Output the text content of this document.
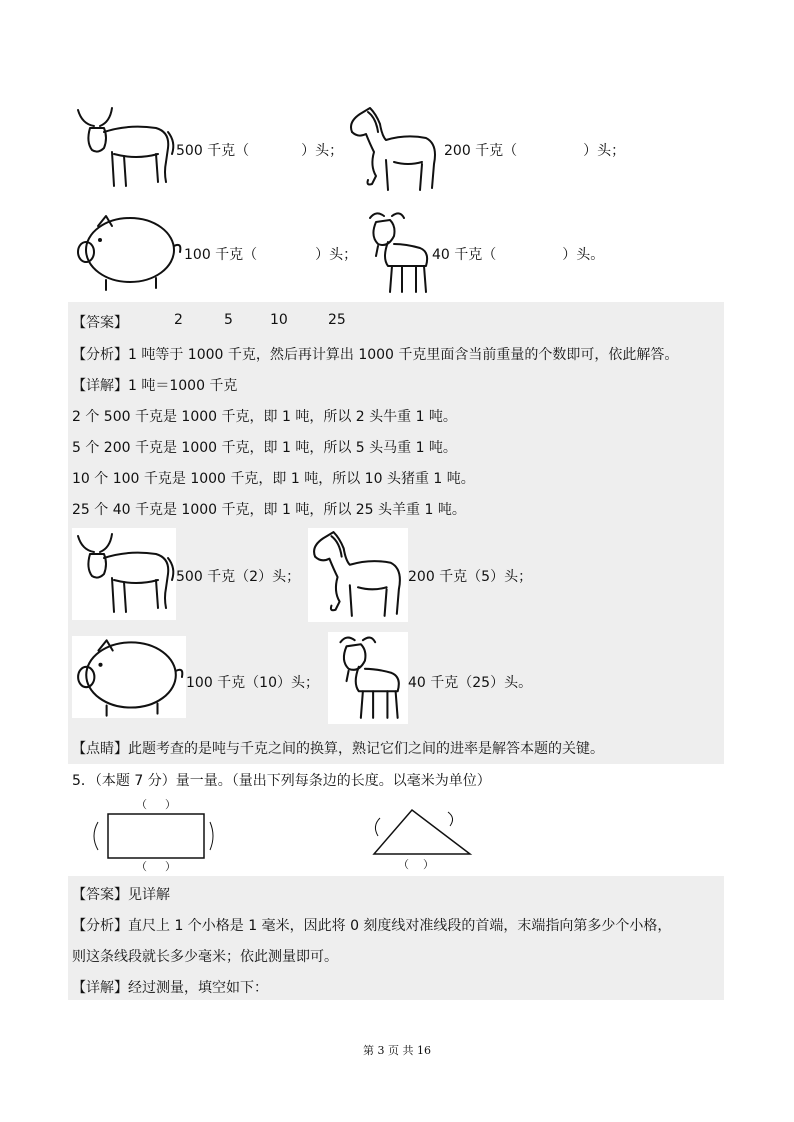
500 千克（	）头；	200 千克（	）头；
100 千克（	）头；	40 千克（	）头。
【答案】	2	5	10	25
【分析】1 吨等于 1000 千克，然后再计算出 1000 千克里面含当前重量的个数即可，依此解答。
【详解】1 吨＝1000 千克
2 个 500 千克是 1000 千克，即 1 吨，所以 2 头牛重 1 吨。
5 个 200 千克是 1000 千克，即 1 吨，所以 5 头马重 1 吨。
10 个 100 千克是 1000 千克，即 1 吨，所以 10 头猪重 1 吨。
25 个 40 千克是 1000 千克，即 1 吨，所以 25 头羊重 1 吨。
500 千克（2）头；	200 千克（5）头；
100 千克（10）头；	40 千克（25）头。
【点睛】此题考查的是吨与千克之间的换算，熟记它们之间的进率是解答本题的关键。
5．（本题 7 分）量一量。（量出下列每条边的长度。以毫米为单位）
（ ）
（ ）	（ ）
【答案】见详解
【分析】直尺上 1 个小格是 1 毫米，因此将 0 刻度线对准线段的首端，末端指向第多少个小格，
则这条线段就长多少毫米；依此测量即可。
【详解】经过测量，填空如下：
第 3 页 共 16
